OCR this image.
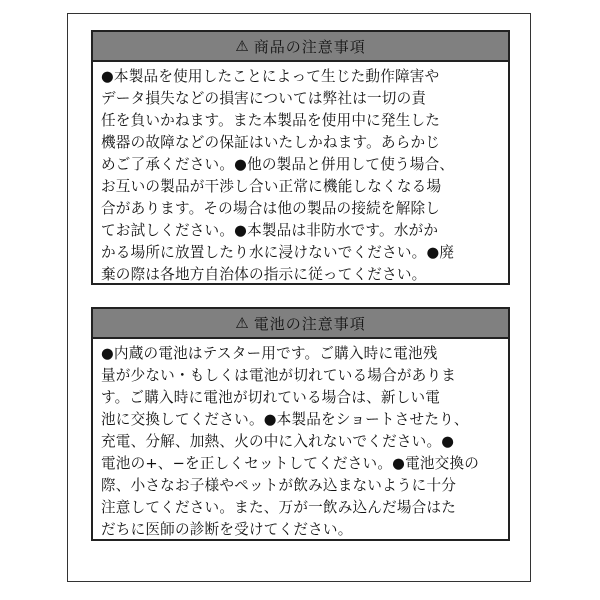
⚠ 商品の注意事項
●本製品を使用したことによって生じた動作障害や
データ損失などの損害については弊社は一切の責
任を負いかねます。また本製品を使用中に発生した
機器の故障などの保証はいたしかねます。あらかじ
めご了承ください。●他の製品と併用して使う場合、
お互いの製品が干渉し合い正常に機能しなくなる場
合があります。その場合は他の製品の接続を解除し
てお試しください。●本製品は非防水です。水がか
かる場所に放置したり水に浸けないでください。●廃
棄の際は各地方自治体の指示に従ってください。
⚠ 電池の注意事項
●内蔵の電池はテスター用です。ご購入時に電池残
量が少ない・もしくは電池が切れている場合がありま
す。ご購入時に電池が切れている場合は、新しい電
池に交換してください。●本製品をショートさせたり、
充電、分解、加熱、火の中に入れないでください。●
電池の+、−を正しくセットしてください。●電池交換の
際、小さなお子様やペットが飲み込まないように十分
注意してください。また、万が一飲み込んだ場合はた
だちに医師の診断を受けてください。
